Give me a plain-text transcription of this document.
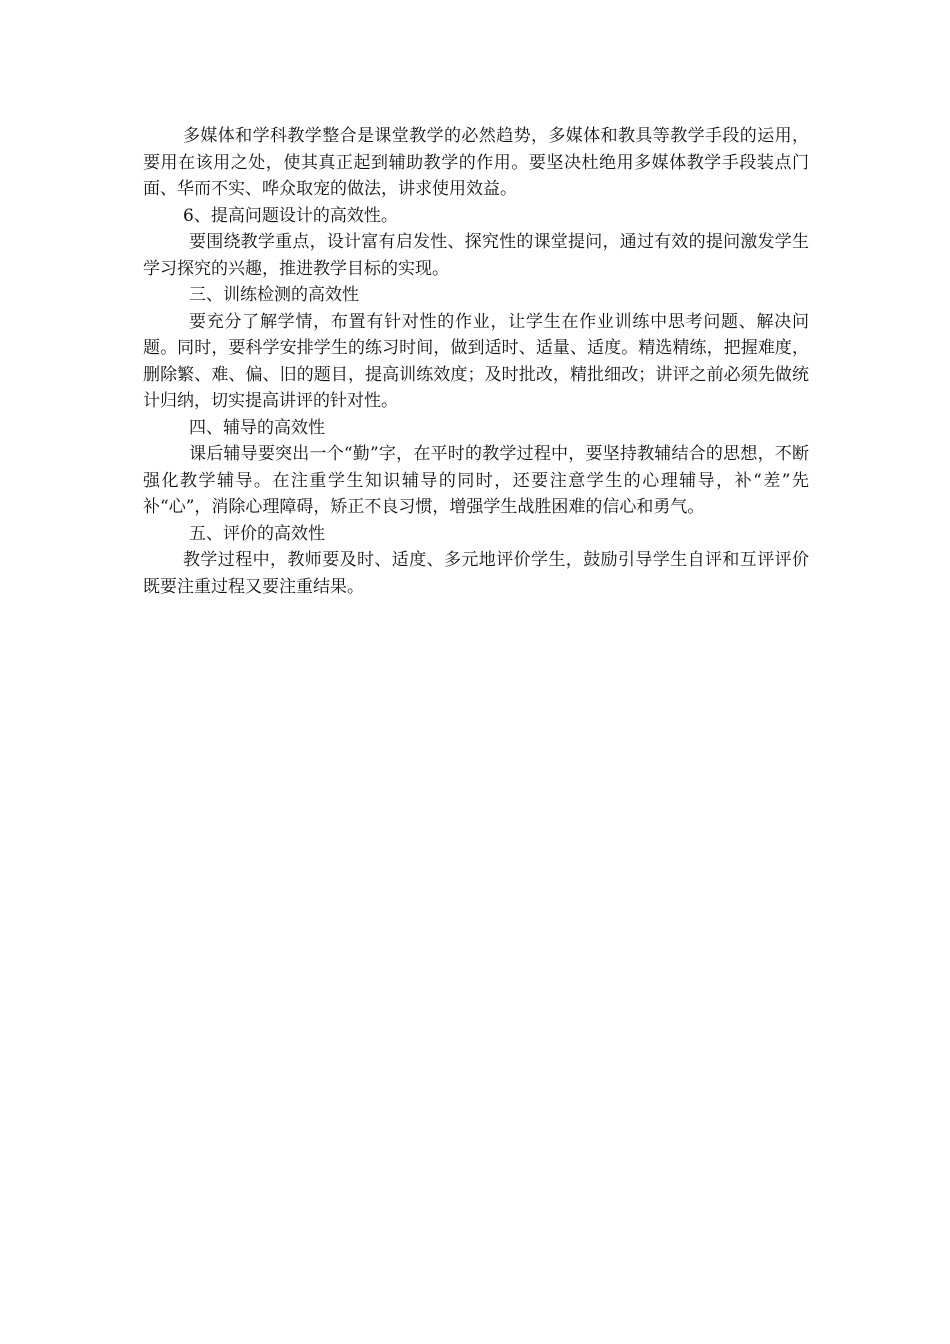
多媒体和学科教学整合是课堂教学的必然趋势，多媒体和教具等教学手段的运用，要用在该用之处，使其真正起到辅助教学的作用。要坚决杜绝用多媒体教学手段装点门面、华而不实、哗众取宠的做法，讲求使用效益。

6、提高问题设计的高效性。

要围绕教学重点，设计富有启发性、探究性的课堂提问，通过有效的提问激发学生学习探究的兴趣，推进教学目标的实现。

三、训练检测的高效性

要充分了解学情，布置有针对性的作业，让学生在作业训练中思考问题、解决问题。同时，要科学安排学生的练习时间，做到适时、适量、适度。精选精练，把握难度，删除繁、难、偏、旧的题目，提高训练效度；及时批改，精批细改；讲评之前必须先做统计归纳，切实提高讲评的针对性。

四、辅导的高效性

课后辅导要突出一个“勤”字，在平时的教学过程中，要坚持教辅结合的思想，不断强化教学辅导。在注重学生知识辅导的同时，还要注意学生的心理辅导，补“差”先补“心”，消除心理障碍，矫正不良习惯，增强学生战胜困难的信心和勇气。

五、评价的高效性

教学过程中，教师要及时、适度、多元地评价学生，鼓励引导学生自评和互评评价既要注重过程又要注重结果。
